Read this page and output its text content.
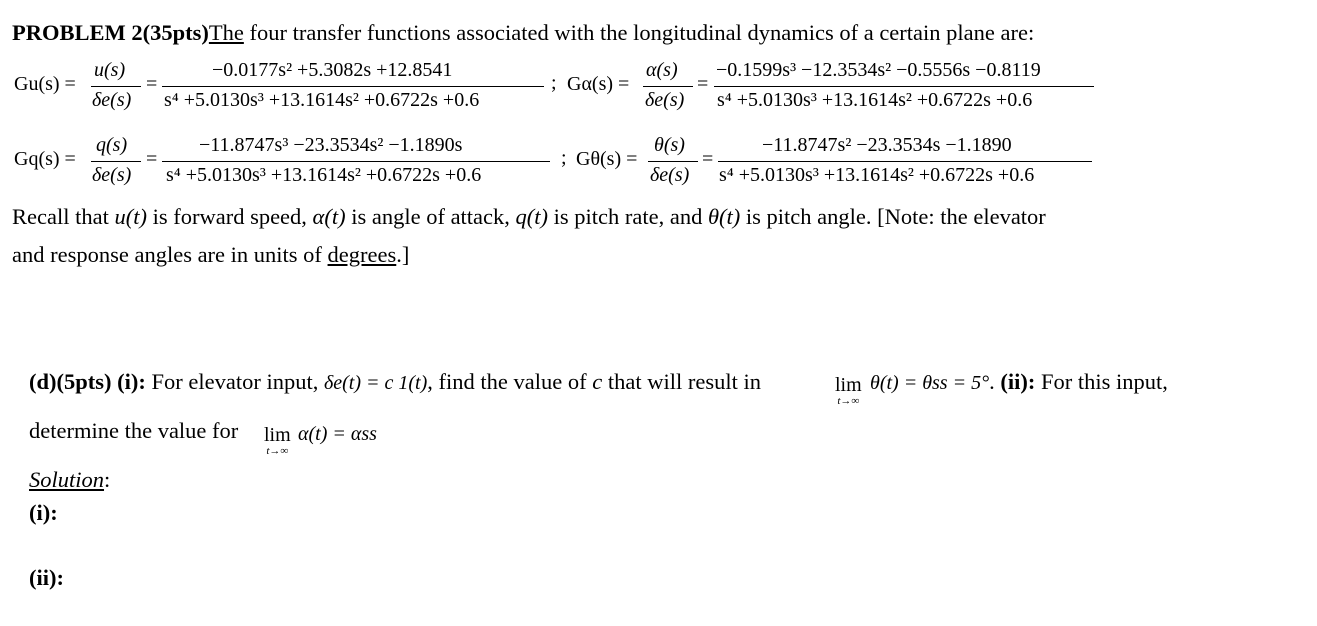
PROBLEM 2(35pts)The four transfer functions associated with the longitudinal dynamics of a certain plane are:
Gu(s) =
u(s)
δe(s)
=
−0.0177s² +5.3082s +12.8541
s⁴ +5.0130s³ +13.1614s² +0.6722s +0.6
; Gα(s) =
α(s)
δe(s)
=
−0.1599s³ −12.3534s² −0.5556s −0.8119
s⁴ +5.0130s³ +13.1614s² +0.6722s +0.6
Gq(s) =
q(s)
δe(s)
=
−11.8747s³ −23.3534s² −1.1890s
s⁴ +5.0130s³ +13.1614s² +0.6722s +0.6
; Gθ(s) =
θ(s)
δe(s)
=
−11.8747s² −23.3534s −1.1890
s⁴ +5.0130s³ +13.1614s² +0.6722s +0.6
Recall that u(t) is forward speed, α(t) is angle of attack, q(t) is pitch rate, and θ(t) is pitch angle. [Note: the elevator
and response angles are in units of degrees.]
(d)(5pts) (i): For elevator input, δe(t) = c 1(t), find the value of c that will result in	lim
t→∞
θ(t) = θss = 5°. (ii): For this input,
determine the value for lim
t→∞
α(t) = αss
Solution:
(i):
(ii):
